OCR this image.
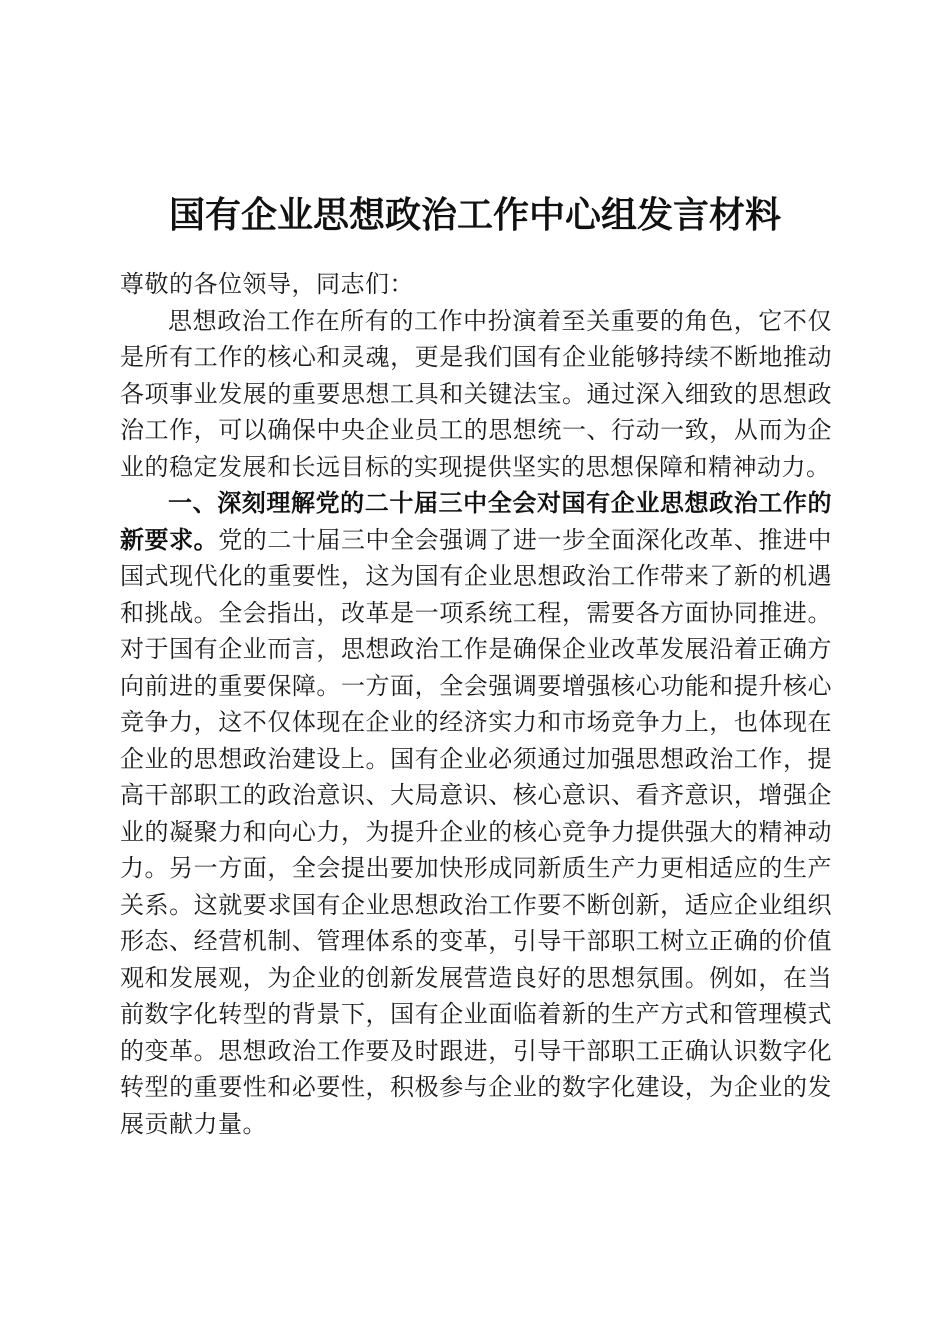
国有企业思想政治工作中心组发言材料

尊敬的各位领导，同志们：

思想政治工作在所有的工作中扮演着至关重要的角色，它不仅是所有工作的核心和灵魂，更是我们国有企业能够持续不断地推动各项事业发展的重要思想工具和关键法宝。通过深入细致的思想政治工作，可以确保中央企业员工的思想统一、行动一致，从而为企业的稳定发展和长远目标的实现提供坚实的思想保障和精神动力。

一、深刻理解党的二十届三中全会对国有企业思想政治工作的新要求。党的二十届三中全会强调了进一步全面深化改革、推进中国式现代化的重要性，这为国有企业思想政治工作带来了新的机遇和挑战。全会指出，改革是一项系统工程，需要各方面协同推进。对于国有企业而言，思想政治工作是确保企业改革发展沿着正确方向前进的重要保障。一方面，全会强调要增强核心功能和提升核心竞争力，这不仅体现在企业的经济实力和市场竞争力上，也体现在企业的思想政治建设上。国有企业必须通过加强思想政治工作，提高干部职工的政治意识、大局意识、核心意识、看齐意识，增强企业的凝聚力和向心力，为提升企业的核心竞争力提供强大的精神动力。另一方面，全会提出要加快形成同新质生产力更相适应的生产关系。这就要求国有企业思想政治工作要不断创新，适应企业组织形态、经营机制、管理体系的变革，引导干部职工树立正确的价值观和发展观，为企业的创新发展营造良好的思想氛围。例如，在当前数字化转型的背景下，国有企业面临着新的生产方式和管理模式的变革。思想政治工作要及时跟进，引导干部职工正确认识数字化转型的重要性和必要性，积极参与企业的数字化建设，为企业的发展贡献力量。
